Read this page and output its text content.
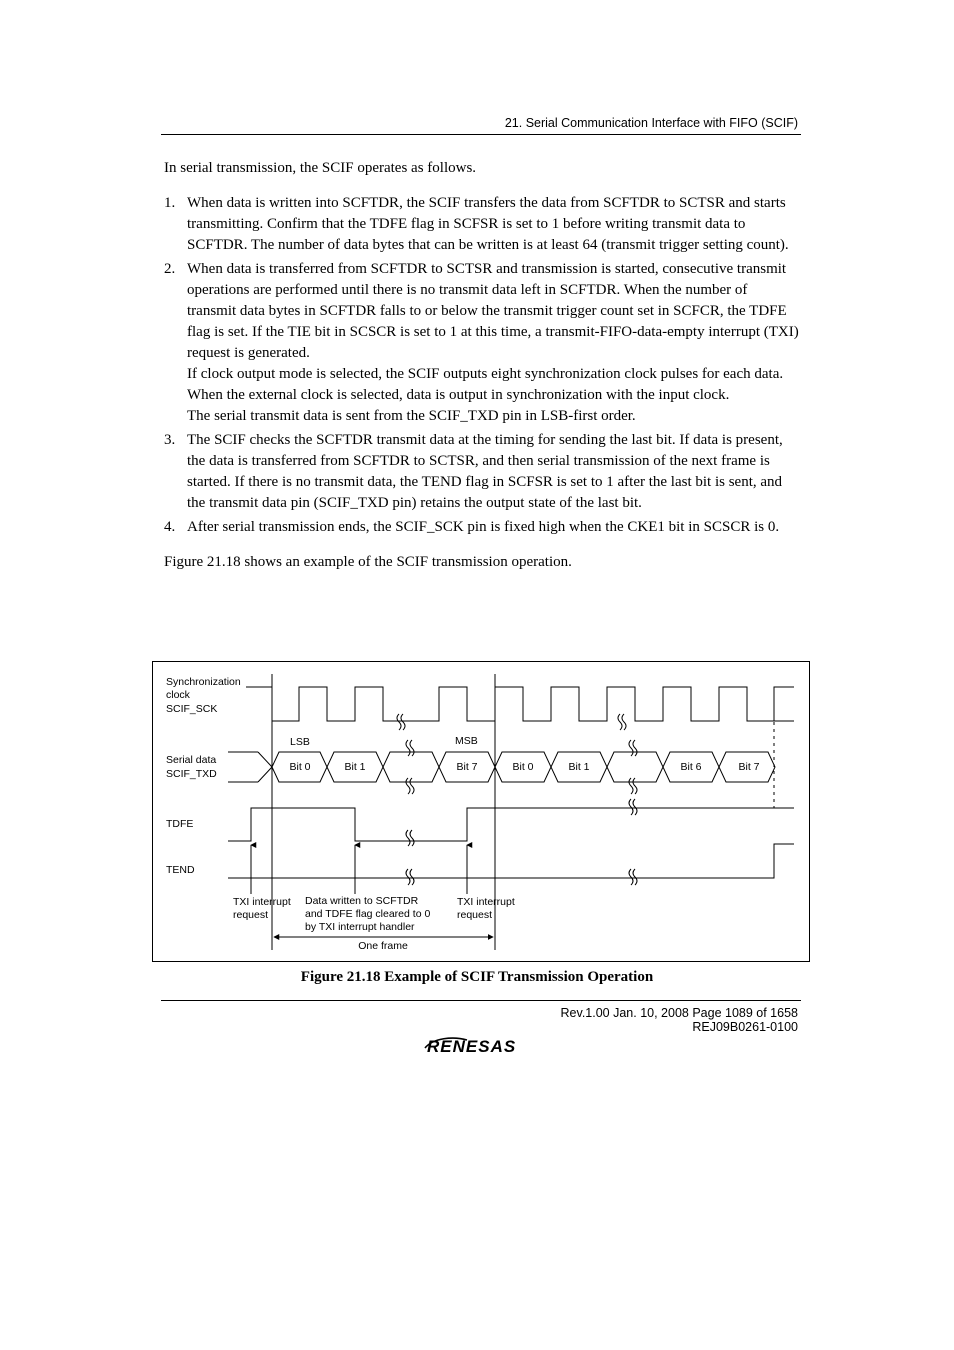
21. Serial Communication Interface with FIFO (SCIF)

In serial transmission, the SCIF operates as follows.

1. When data is written into SCFTDR, the SCIF transfers the data from SCFTDR to SCTSR and starts transmitting. Confirm that the TDFE flag in SCFSR is set to 1 before writing transmit data to SCFTDR. The number of data bytes that can be written is at least 64 (transmit trigger setting count).

2. When data is transferred from SCFTDR to SCTSR and transmission is started, consecutive transmit operations are performed until there is no transmit data left in SCFTDR. When the number of transmit data bytes in SCFTDR falls to or below the transmit trigger count set in SCFCR, the TDFE flag is set. If the TIE bit in SCSCR is set to 1 at this time, a transmit-FIFO-data-empty interrupt (TXI) request is generated.

If clock output mode is selected, the SCIF outputs eight synchronization clock pulses for each data.

When the external clock is selected, data is output in synchronization with the input clock.

The serial transmit data is sent from the SCIF_TXD pin in LSB-first order.

3. The SCIF checks the SCFTDR transmit data at the timing for sending the last bit. If data is present, the data is transferred from SCFTDR to SCTSR, and then serial transmission of the next frame is started. If there is no transmit data, the TEND flag in SCFSR is set to 1 after the last bit is sent, and the transmit data pin (SCIF_TXD pin) retains the output state of the last bit.

4. After serial transmission ends, the SCIF_SCK pin is fixed high when the CKE1 bit in SCSCR is 0.

Figure 21.18 shows an example of the SCIF transmission operation.

Synchronization
clock
SCIF_SCK
Serial data
SCIF_TXD
TDFE
TEND
Bit 0	Bit 1	Bit 7	Bit 0	Bit 1	Bit 6	Bit 7
LSB	MSB
TXI interrupt
request
Data written to SCFTDR
and TDFE flag cleared to 0
by TXI interrupt handler
TXI interrupt
request
One frame
Figure 21.18 Example of SCIF Transmission Operation
Rev.1.00 Jan. 10, 2008 Page 1089 of 1658
REJ09B0261-0100
RENESAS
